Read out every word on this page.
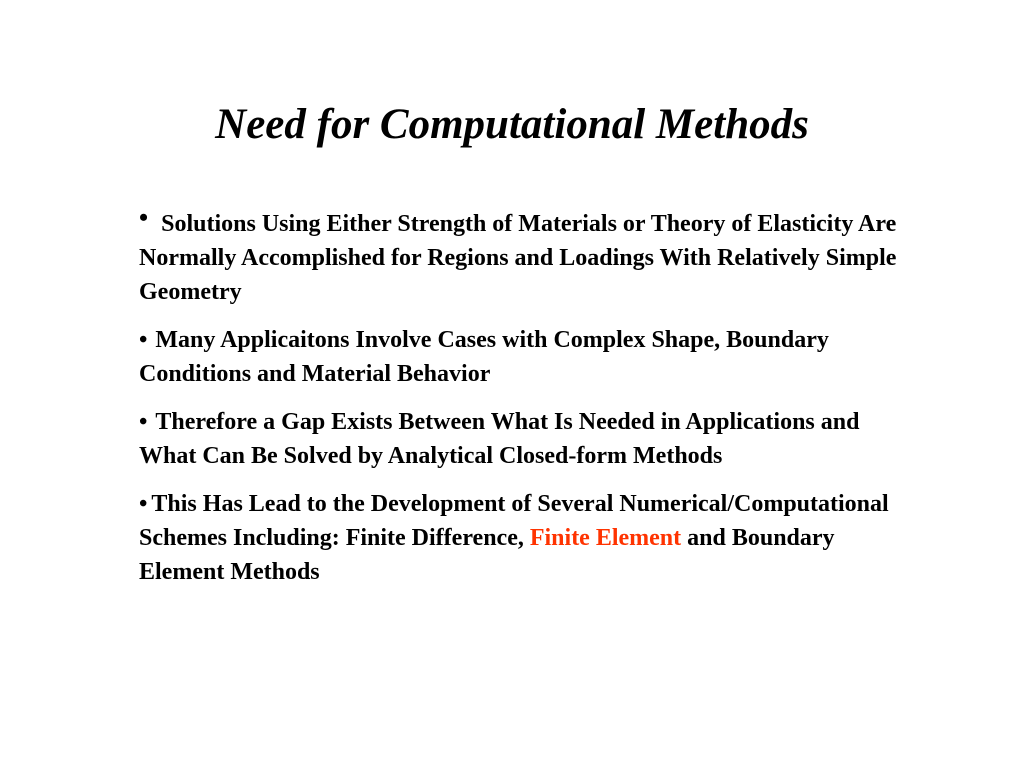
Need for Computational Methods
• Solutions Using Either Strength of Materials or Theory of Elasticity Are Normally Accomplished for Regions and Loadings With Relatively Simple Geometry
• Many Applicaitons Involve Cases with Complex Shape, Boundary Conditions and Material Behavior
• Therefore a Gap Exists Between What Is Needed in Applications and What Can Be Solved by Analytical Closed-form Methods
• This Has Lead to the Development of Several Numerical/Computational Schemes Including: Finite Difference, Finite Element and Boundary Element Methods
